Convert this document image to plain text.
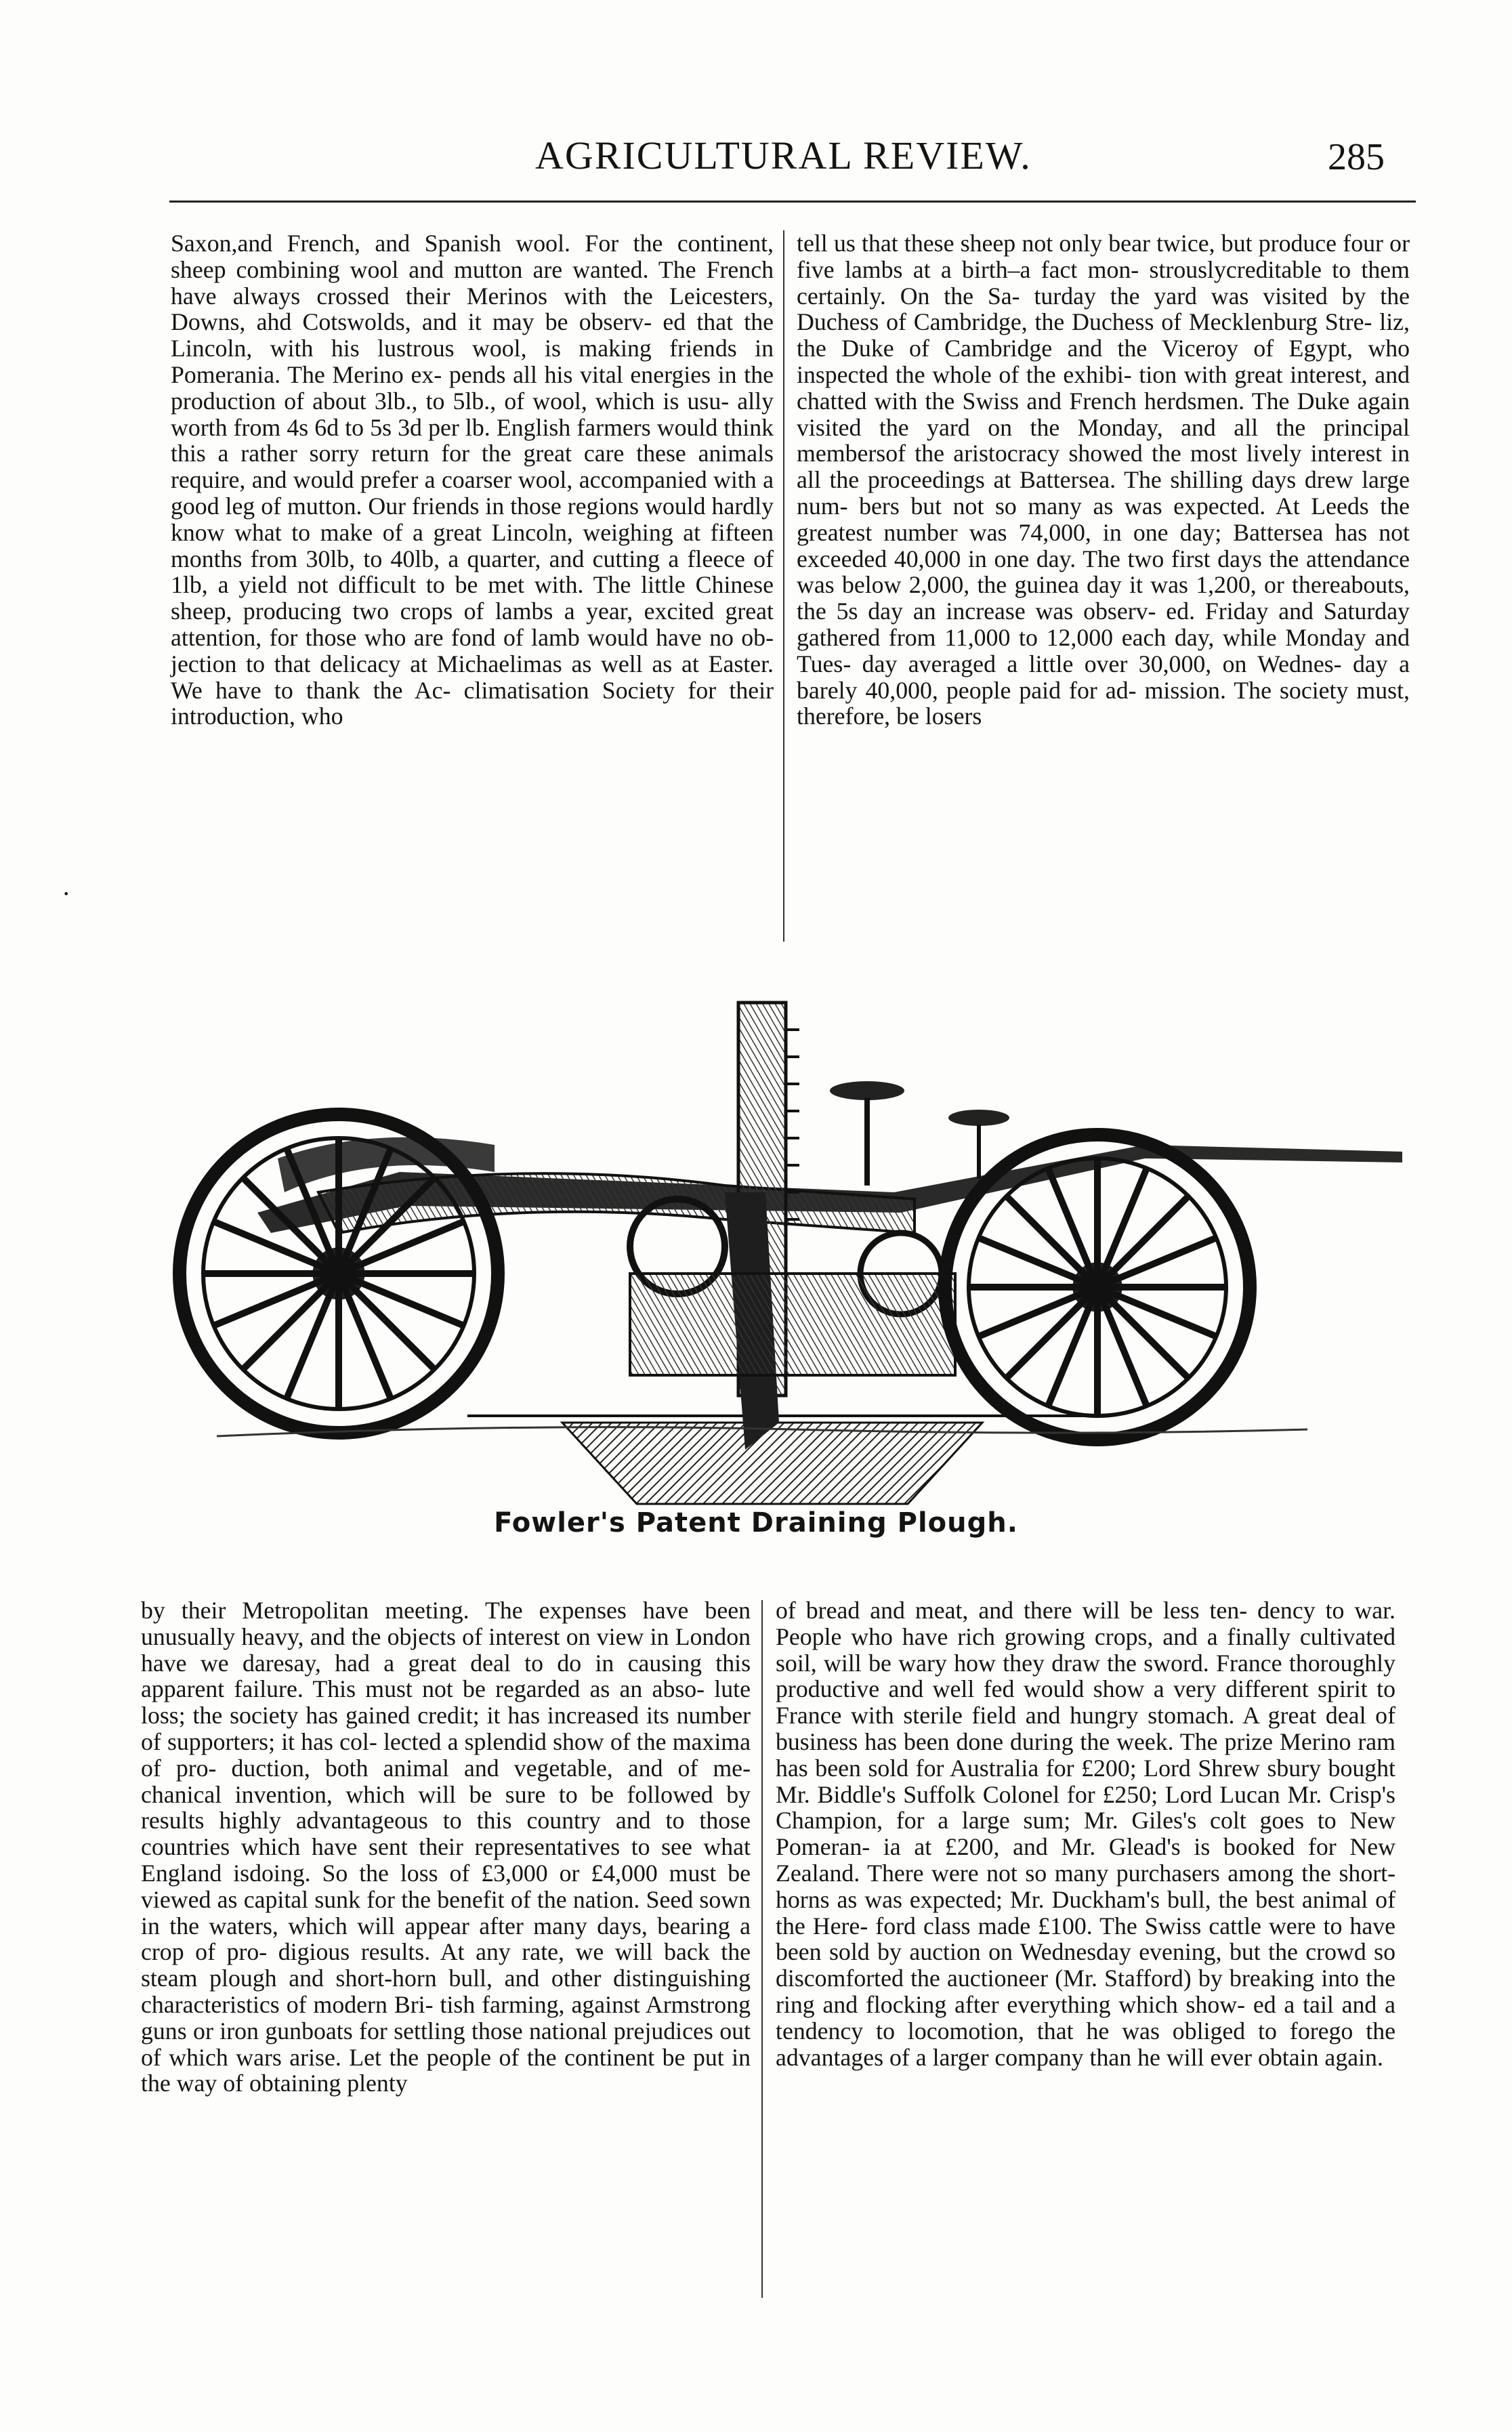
AGRICULTURAL REVIEW.	285

Saxon,and French, and Spanish wool. For the continent, sheep combining wool and mutton are wanted. The French have always crossed their Merinos with the Leicesters, Downs, ahd Cotswolds, and it may be observ- ed that the Lincoln, with his lustrous wool, is making friends in Pomerania. The Merino ex- pends all his vital energies in the production of about 3lb., to 5lb., of wool, which is usu- ally worth from 4s 6d to 5s 3d per lb. English farmers would think this a rather sorry return for the great care these animals require, and would prefer a coarser wool, accompanied with a good leg of mutton. Our friends in those regions would hardly know what to make of a great Lincoln, weighing at fifteen months from 30lb, to 40lb, a quarter, and cutting a fleece of 1lb, a yield not difficult to be met with. The little Chinese sheep, producing two crops of lambs a year, excited great attention, for those who are fond of lamb would have no ob- jection to that delicacy at Michaelimas as well as at Easter. We have to thank the Ac- climatisation Society for their introduction, who

tell us that these sheep not only bear twice, but produce four or five lambs at a birth–a fact mon- strouslycreditable to them certainly. On the Sa- turday the yard was visited by the Duchess of Cambridge, the Duchess of Mecklenburg Stre- liz, the Duke of Cambridge and the Viceroy of Egypt, who inspected the whole of the exhibi- tion with great interest, and chatted with the Swiss and French herdsmen. The Duke again visited the yard on the Monday, and all the principal membersof the aristocracy showed the most lively interest in all the proceedings at Battersea. The shilling days drew large num- bers but not so many as was expected. At Leeds the greatest number was 74,000, in one day; Battersea has not exceeded 40,000 in one day. The two first days the attendance was below 2,000, the guinea day it was 1,200, or thereabouts, the 5s day an increase was observ- ed. Friday and Saturday gathered from 11,000 to 12,000 each day, while Monday and Tues- day averaged a little over 30,000, on Wednes- day a barely 40,000, people paid for ad- mission. The society must, therefore, be losers

·
Fowler's Patent Draining Plough.

by their Metropolitan meeting. The expenses have been unusually heavy, and the objects of interest on view in London have we daresay, had a great deal to do in causing this apparent failure. This must not be regarded as an abso- lute loss; the society has gained credit; it has increased its number of supporters; it has col- lected a splendid show of the maxima of pro- duction, both animal and vegetable, and of me- chanical invention, which will be sure to be followed by results highly advantageous to this country and to those countries which have sent their representatives to see what England isdoing. So the loss of £3,000 or £4,000 must be viewed as capital sunk for the benefit of the nation. Seed sown in the waters, which will appear after many days, bearing a crop of pro- digious results. At any rate, we will back the steam plough and short-horn bull, and other distinguishing characteristics of modern Bri- tish farming, against Armstrong guns or iron gunboats for settling those national prejudices out of which wars arise. Let the people of the continent be put in the way of obtaining plenty

of bread and meat, and there will be less ten- dency to war. People who have rich growing crops, and a finally cultivated soil, will be wary how they draw the sword. France thoroughly productive and well fed would show a very different spirit to France with sterile field and hungry stomach. A great deal of business has been done during the week. The prize Merino ram has been sold for Australia for £200; Lord Shrew sbury bought Mr. Biddle's Suffolk Colonel for £250; Lord Lucan Mr. Crisp's Champion, for a large sum; Mr. Giles's colt goes to New Pomeran- ia at £200, and Mr. Glead's is booked for New Zealand. There were not so many purchasers among the short-horns as was expected; Mr. Duckham's bull, the best animal of the Here- ford class made £100. The Swiss cattle were to have been sold by auction on Wednesday evening, but the crowd so discomforted the auctioneer (Mr. Stafford) by breaking into the ring and flocking after everything which show- ed a tail and a tendency to locomotion, that he was obliged to forego the advantages of a larger company than he will ever obtain again.
